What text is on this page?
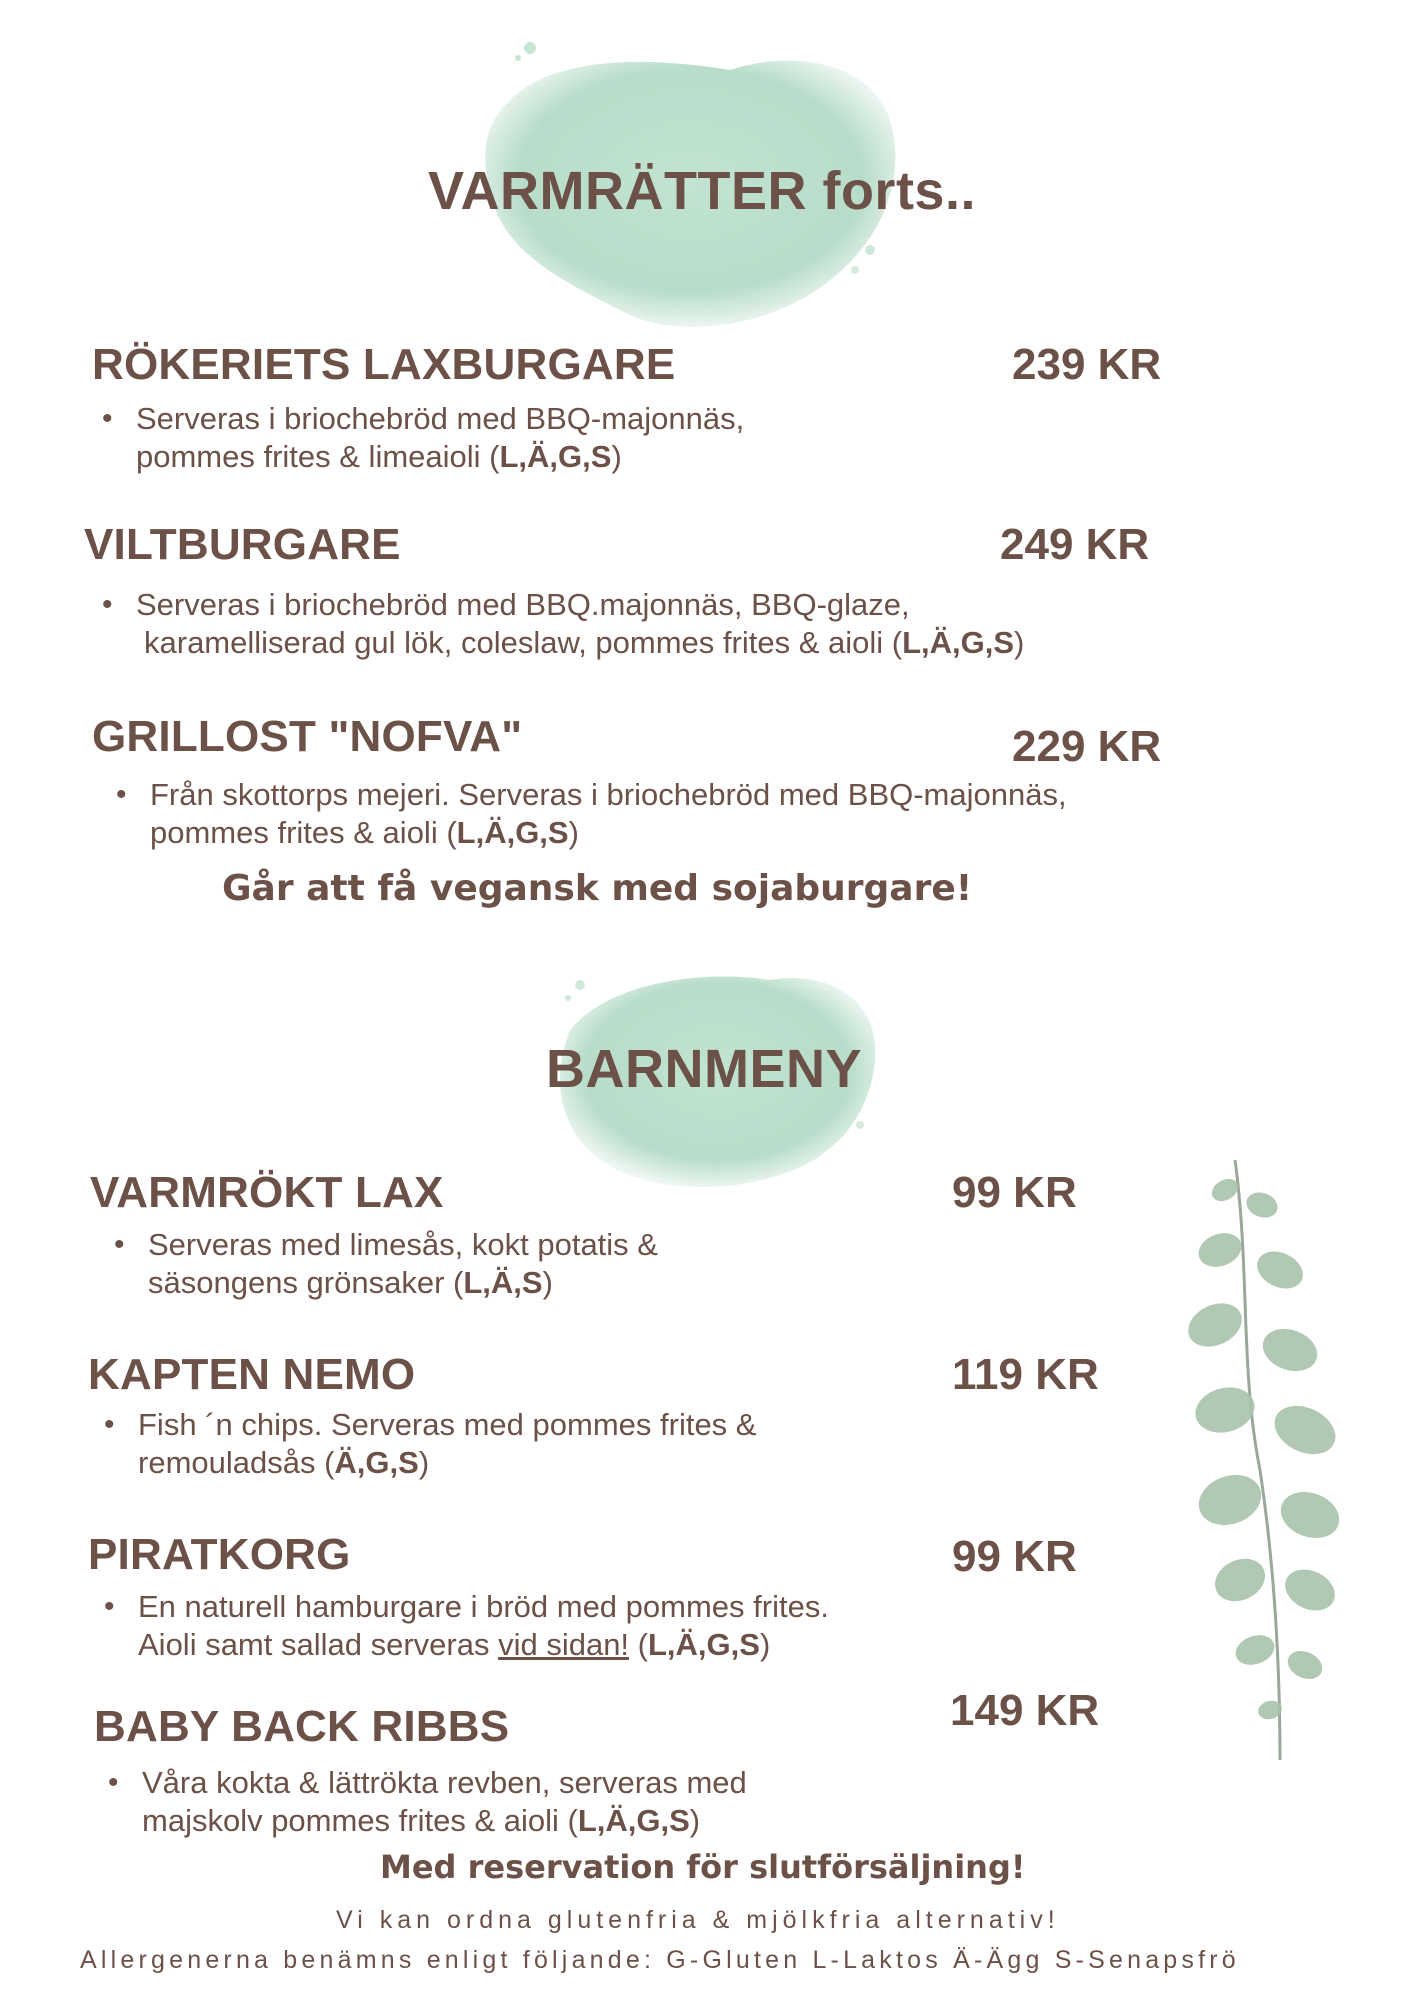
VARMRÄTTER forts..
RÖKERIETS LAXBURGARE	239 KR
• Serveras i briochebröd med BBQ-majonnäs,
pommes frites & limeaioli (L,Ä,G,S)
VILTBURGARE	249 KR
• Serveras i briochebröd med BBQ.majonnäs, BBQ-glaze,
karamelliserad gul lök, coleslaw, pommes frites & aioli (L,Ä,G,S)
GRILLOST "NOFVA"	229 KR
• Från skottorps mejeri. Serveras i briochebröd med BBQ-majonnäs,
pommes frites & aioli (L,Ä,G,S)
Går att få vegansk med sojaburgare!
BARNMENY
VARMRÖKT LAX	99 KR
• Serveras med limesås, kokt potatis &
säsongens grönsaker (L,Ä,S)
KAPTEN NEMO	119 KR
• Fish ´n chips. Serveras med pommes frites &
remouladsås (Ä,G,S)
PIRATKORG	99 KR
• En naturell hamburgare i bröd med pommes frites.
Aioli samt sallad serveras vid sidan! (L,Ä,G,S)
BABY BACK RIBBS	149 KR
• Våra kokta & lättrökta revben, serveras med
majskolv pommes frites & aioli (L,Ä,G,S)
Med reservation för slutförsäljning!
Vi kan ordna glutenfria & mjölkfria alternativ!
Allergenerna benämns enligt följande: G-Gluten L-Laktos Ä-Ägg S-Senapsfrö
